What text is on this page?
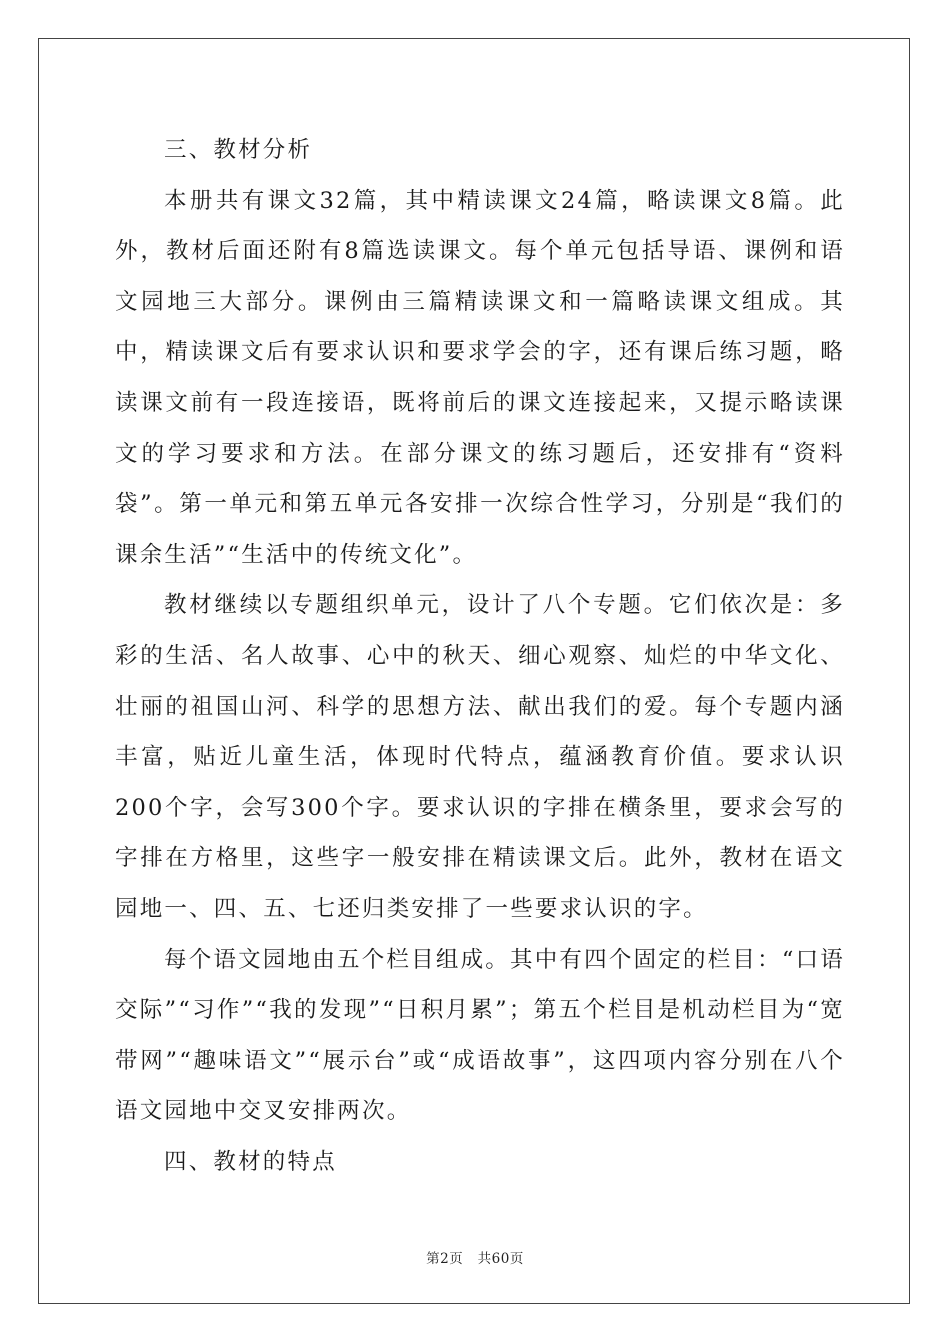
三、教材分析

本册共有课文32篇，其中精读课文24篇，略读课文8篇。此外，教材后面还附有8篇选读课文。每个单元包括导语、课例和语文园地三大部分。课例由三篇精读课文和一篇略读课文组成。其中，精读课文后有要求认识和要求学会的字，还有课后练习题，略读课文前有一段连接语，既将前后的课文连接起来，又提示略读课文的学习要求和方法。在部分课文的练习题后，还安排有“资料袋”。第一单元和第五单元各安排一次综合性学习，分别是“我们的课余生活”“生活中的传统文化”。

教材继续以专题组织单元，设计了八个专题。它们依次是：多彩的生活、名人故事、心中的秋天、细心观察、灿烂的中华文化、壮丽的祖国山河、科学的思想方法、献出我们的爱。每个专题内涵丰富，贴近儿童生活，体现时代特点，蕴涵教育价值。要求认识200个字，会写300个字。要求认识的字排在横条里，要求会写的字排在方格里，这些字一般安排在精读课文后。此外，教材在语文园地一、四、五、七还归类安排了一些要求认识的字。

每个语文园地由五个栏目组成。其中有四个固定的栏目：“口语交际”“习作”“我的发现”“日积月累”；第五个栏目是机动栏目为“宽带网”“趣味语文”“展示台”或“成语故事”，这四项内容分别在八个语文园地中交叉安排两次。

四、教材的特点

第2页 共60页
